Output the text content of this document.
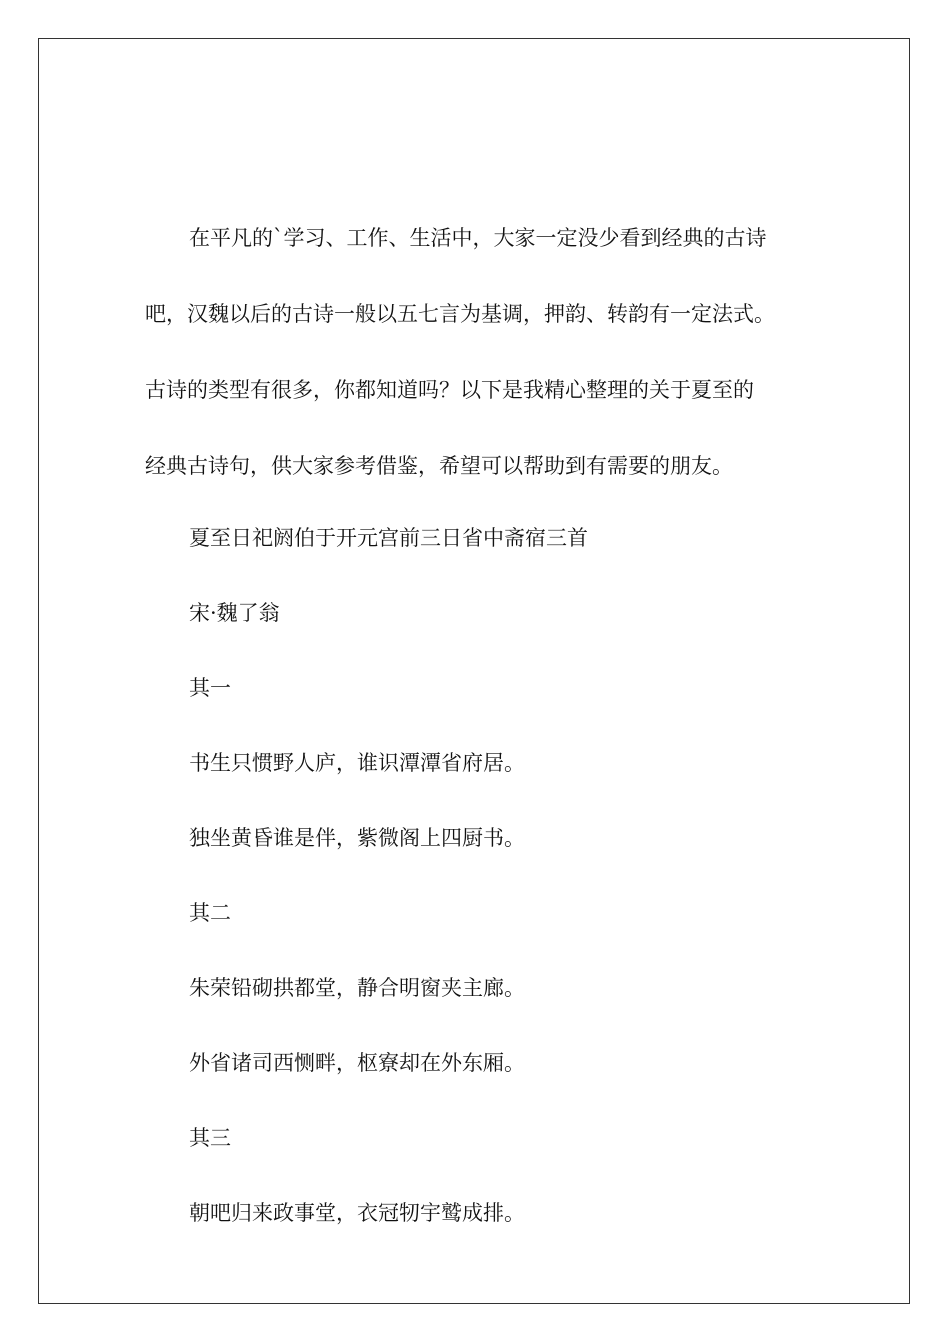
在平凡的`学习、工作、生活中，大家一定没少看到经典的古诗

吧，汉魏以后的古诗一般以五七言为基调，押韵、转韵有一定法式。

古诗的类型有很多，你都知道吗？以下是我精心整理的关于夏至的

经典古诗句，供大家参考借鉴，希望可以帮助到有需要的朋友。

夏至日祀阏伯于开元宫前三日省中斋宿三首

宋·魏了翁

其一

书生只惯野人庐，谁识潭潭省府居。

独坐黄昏谁是伴，紫微阁上四厨书。

其二

朱荣铅砌拱都堂，静合明窗夹主廊。

外省诸司西恻畔，枢寮却在外东厢。

其三

朝吧归来政事堂，衣冠牣宇鹫成排。
